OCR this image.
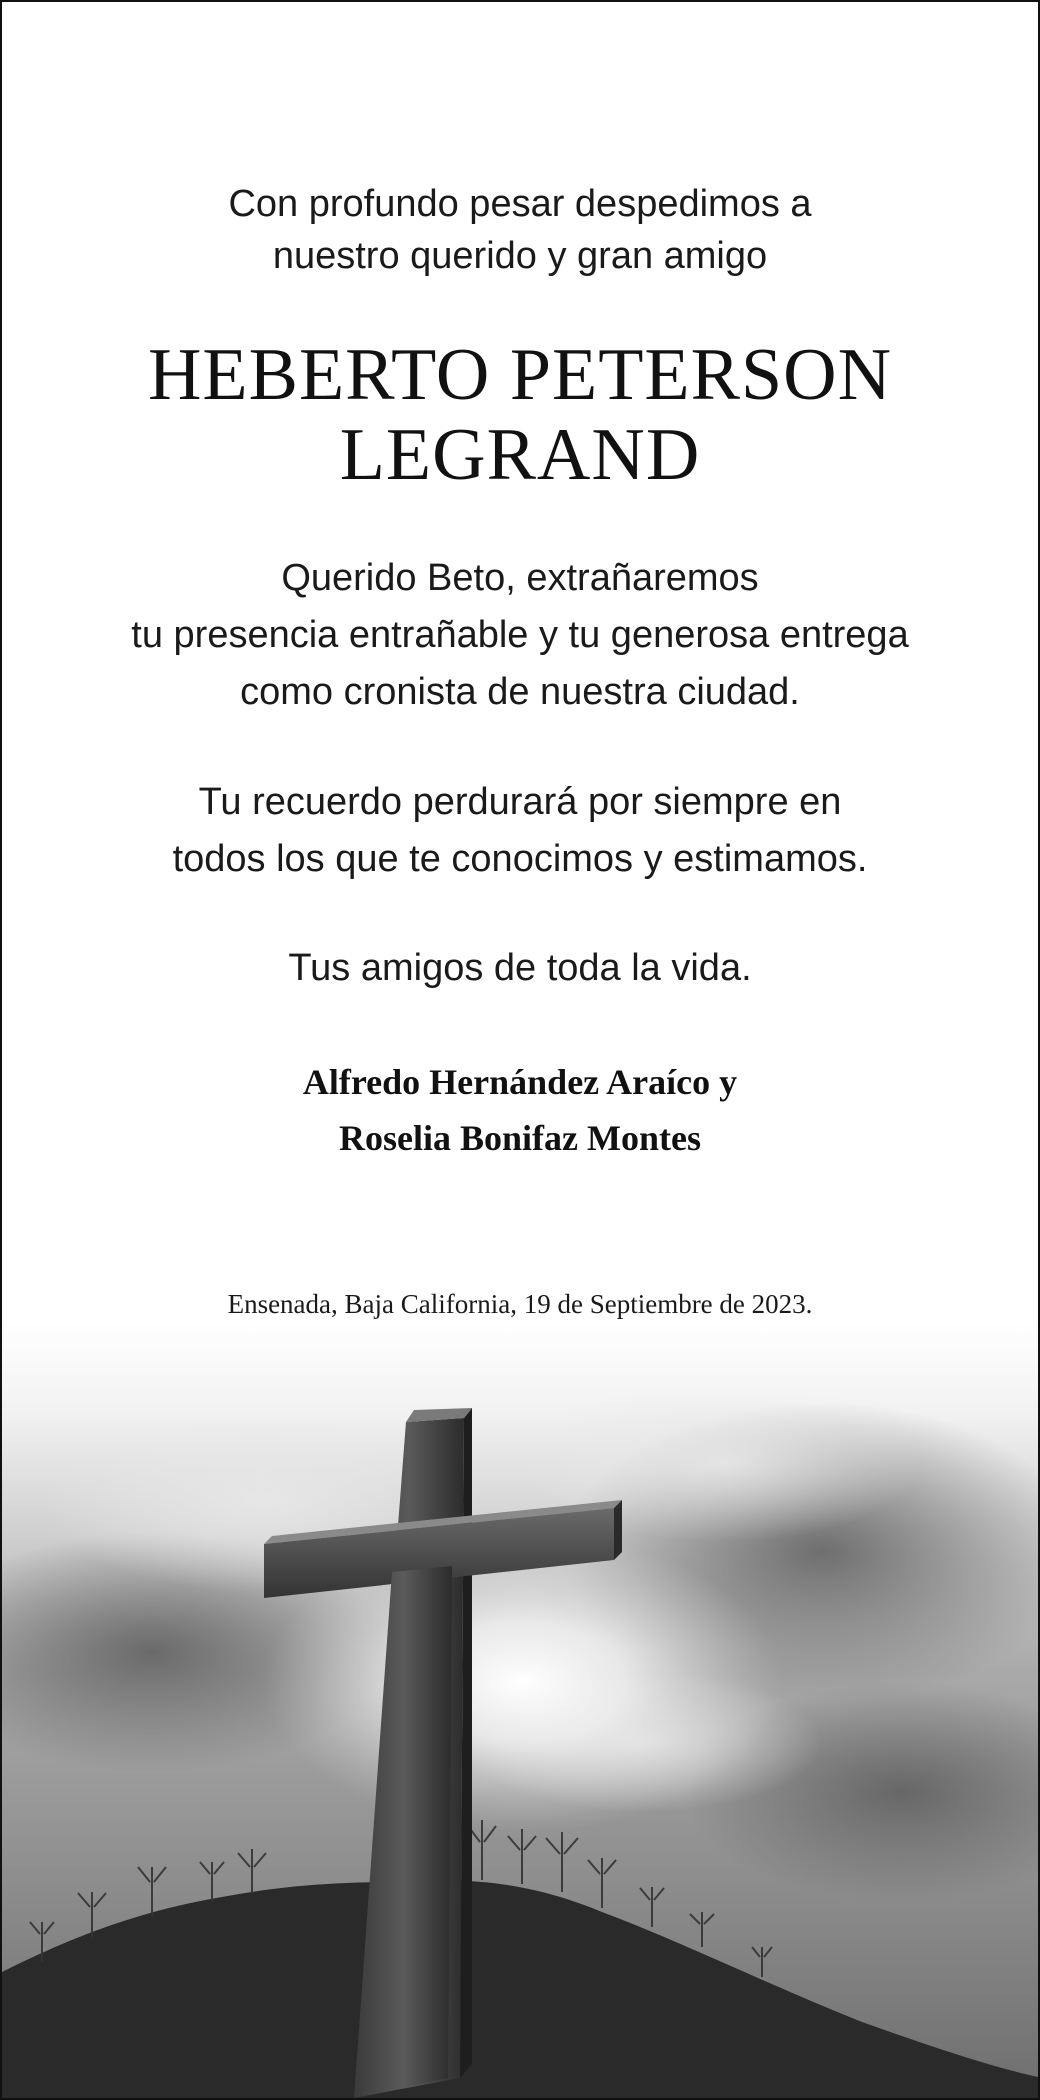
Con profundo pesar despedimos a
nuestro querido y gran amigo
HEBERTO PETERSON
LEGRAND
Querido Beto, extrañaremos
tu presencia entrañable y tu generosa entrega
como cronista de nuestra ciudad.
Tu recuerdo perdurará por siempre en
todos los que te conocimos y estimamos.
Tus amigos de toda la vida.
Alfredo Hernández Araíco y
Roselia Bonifaz Montes
Ensenada, Baja California, 19 de Septiembre de 2023.
